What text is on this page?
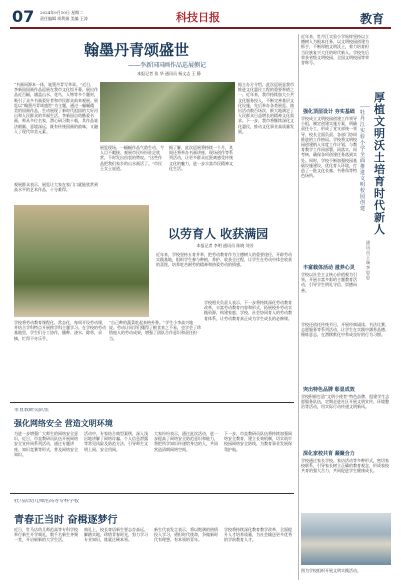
07 2024年9月10日 星期二
责任编辑 周利娟 美编 王涛	科技日报	教育
翰墨丹青颂盛世
——李新国国画作品巡展侧记
本报记者 张 华 通讯员 杨文志 王 静
“书画同源本一体，笔墨丹青写华章。”近日，李新国国画作品巡展在我市文化馆开幕，展出作品近百幅，涵盖山水、花鸟、人物等多个题材，吸引了众多书画爱好者和市民群众前来观展。展览以“翰墨丹青颂盛世”为主题，通过一幅幅精美的国画作品，生动展现了新时代祖国的大好河山和人民群众的幸福生活。李新国自幼酷爱书画，师从多位名家，潜心研习数十载，其作品笔法细腻、意境深远，既有传统国画的韵味，又融入了现代审美元素。
展览现场，一幅幅作品气韵生动，令人目不暇接。观展市民纷纷驻足欣赏，不时发出由衷的赞叹。“这些作品把我们家乡的山水画活了。”市民王女士说道。
据了解，此次巡展将持续一个月，其间还将举办书画讲座、现场创作等系列活动，让更多群众近距离感受传统文化的魅力，进一步丰富市民精神文化生活。
据主办方介绍，此次巡展是我市推进文化惠民工程的重要举措之一。近年来，我市持续加大公共文化服务投入，不断完善基层文化设施，先后举办各类展览、演出活动数百场次，极大地满足了人民群众日益增长的精神文化需求。下一步，我市将继续深化文化惠民，推动文化事业高质量发展。
观展群众表示，展览让大家在家门口就能欣赏到高水平的艺术作品，十分难得。
近年来，牡丹江实验小学始终坚持以立德树人为根本任务，以文明校园创建为抓手，不断厚植文明沃土，着力培育担当民族复兴大任的时代新人。学校先后荣获省级文明校园、全国文明校园等荣誉称号。
厚植文明沃土 培育时代新人
——牡丹江实验小学全面推进文明校园创建
通讯员 王瑞 李思思
强化顶层设计 夯实基础
学校成立文明校园创建工作领导小组，制定创建实施方案，明确责任分工，形成了党支部统一领导、校长全面负责、各部门协同推进的工作格局。学校将文明校园创建纳入年度工作计划，与教育教学工作同部署、同落实、同考核，确保各项创建任务落到实处。同时，学校不断加强校园基础设施建设，优化育人环境，打造了一批文化长廊、书香角等特色场所。
丰富载体活动 滋养心灵
学校以社会主义核心价值观为引领，开展丰富多彩的主题教育活动，引导学生明礼守信、崇德向善。
学校还依托传统节日，开展经典诵读、书法比赛、志愿服务等系列活动，让学生在实践中涵养品德、锤炼意志，在潜移默化中养成良好的行为习惯。
突出特色品牌 彰显成效
学校积极打造“文明小使者”特色品牌，组建学生志愿服务队伍，定期走进社区开展文明宣传、环境整治等活动，用实际行动传递文明新风。
深化家校共育 凝聚合力
学校通过家长学校、家访活动等多种形式，密切家校联系，引导家长树立正确的教育观念，形成家校共育的强大合力，共同促进学生健康成长。
图为学校组织开展文明实践活动。
以劳育人 收获满园
本报记者 李明 通讯员 陈晓 刘芳
近年来，学校坚持五育并举，把劳动教育作为立德树人的重要途径，开辟劳动实践基地，组织学生参与种植、养护、收获全过程，让学生在劳动中体会收获的喜悦，培养吃苦耐劳的精神和热爱劳动的情感。
学校将劳动教育课程化、常态化，每周开设劳动课，并结合学科特点开展跨学科主题学习。在学校的劳动基地里，学生们分工协作，播种、浇水、除草、采摘，忙得不亦乐乎。
“自己种的蔬菜吃起来格外香。”学生小李高兴地说。劳动让同学们懂得了粮食来之不易，也学会了珍惜他人的劳动成果，增强了团队合作意识和责任担当。
学校相关负责人表示，下一步将持续深化劳动教育改革，丰富劳动教育内容和形式，拓展校外劳动实践资源，构建家庭、学校、社会协同育人的劳动教育体系，让劳动教育真正成为学生成长的必修课。
市直教研员队伍
强化网络安全 营造文明环境
为进一步增强广大师生的网络安全意识，近日，市直教研员队伍开展网络安全宣传周系列活动，通过专题讲座、知识竞赛等形式，普及网络安全知识。
活动中，专家结合典型案例，深入浅出地讲解了网络诈骗、个人信息泄露等常见风险及防范方法，引导师生文明上网、安全用网。
大家纷纷表示，通过此次活动，进一步提高了网络安全防范意识和能力，将把所学知识传递给身边的人，共同营造清朗网络空间。
下一步，市直教研员队伍将持续加强网络安全教育，建立长效机制，切实筑牢校园网络安全防线，为教育事业发展保驾护航。
牡马店幼儿师范高等专科学校
青春正当时 奋楫逐梦行
近日，牡马店幼儿师范高等专科学校举行新生开学典礼，数千名新生齐聚一堂，开启崭新的大学生活。
典礼上，校长寄语新生要志存高远、脚踏实地，珍惜青春时光，努力学习专业知识，练就过硬本领。
新生代表发言表示，将以饱满的热情投入学习，勇担时代使命，争做新时代有理想、有本领的青年。
学校将持续深化教育教学改革，全面提升人才培养质量，为社会输送更多优秀的学前教育人才。
